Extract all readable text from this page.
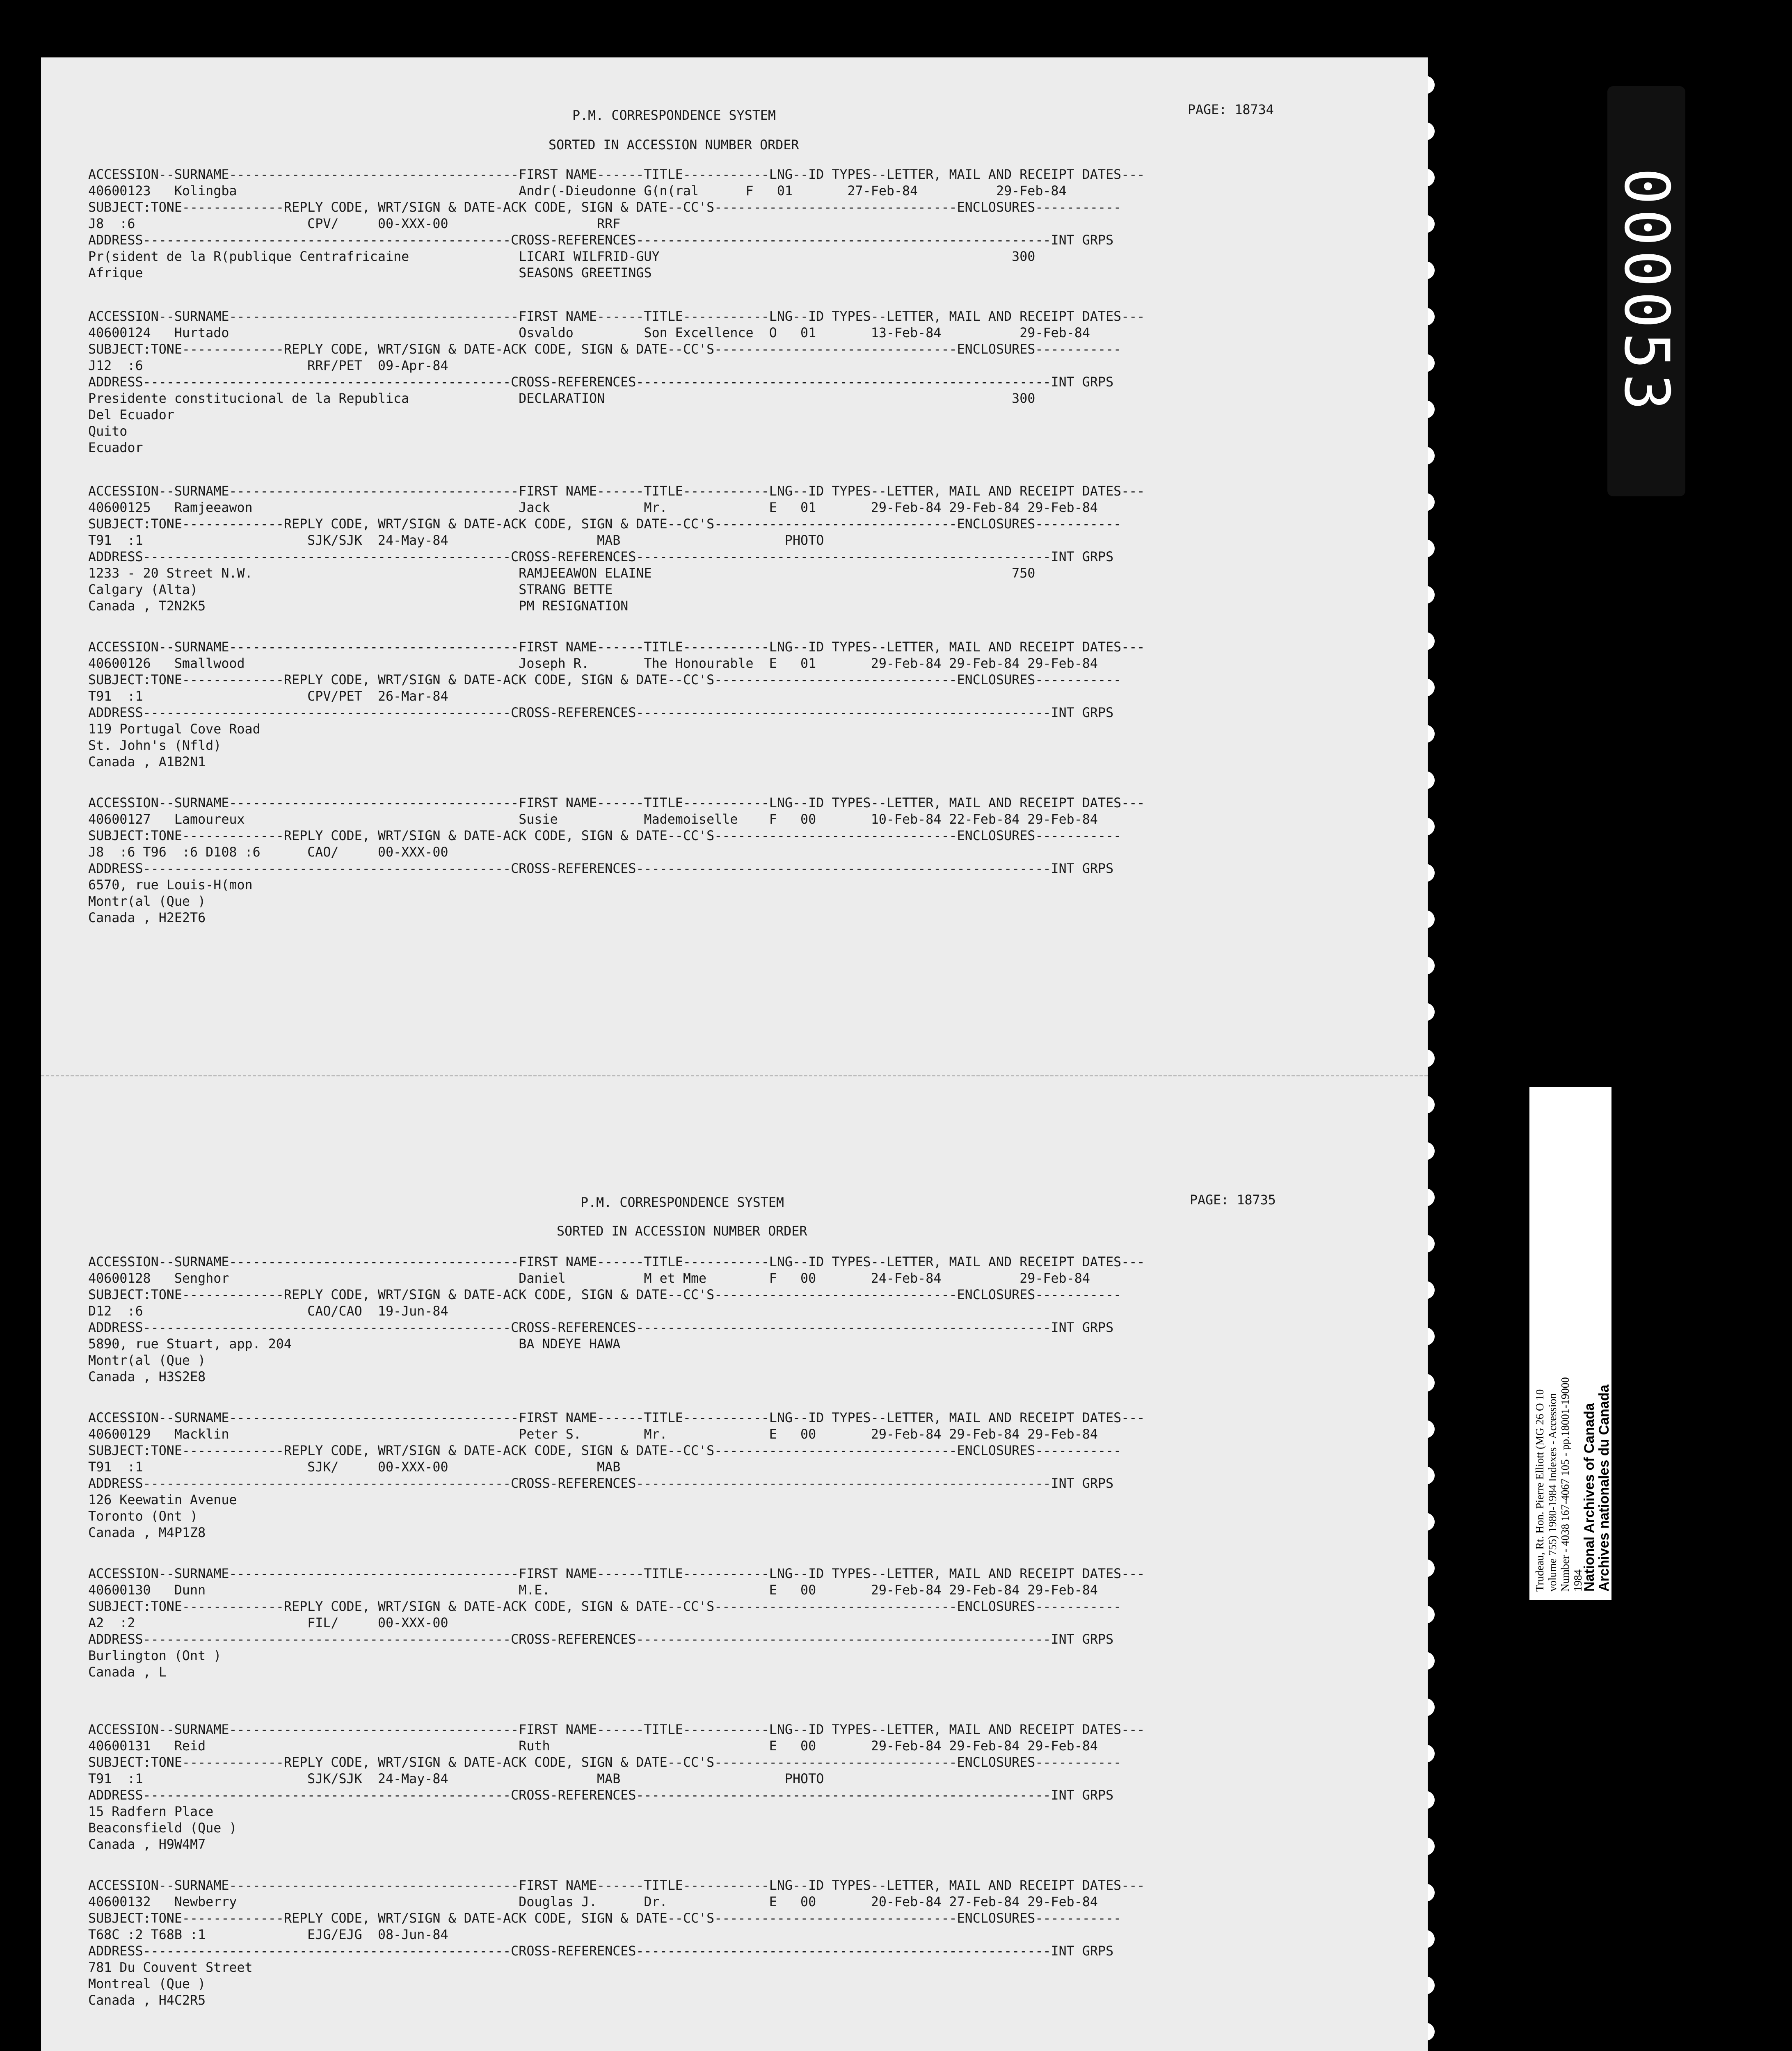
P.M. CORRESPONDENCE SYSTEM	PAGE: 18734
SORTED IN ACCESSION NUMBER ORDER
ACCESSION--SURNAME-------------------------------------FIRST NAME------TITLE-----------LNG--ID TYPES--LETTER, MAIL AND RECEIPT DATES---
40600123   Kolingba                                    Andr(-Dieudonne G(n(ral      F   01       27-Feb-84          29-Feb-84
SUBJECT:TONE-------------REPLY CODE, WRT/SIGN & DATE-ACK CODE, SIGN & DATE--CC'S-------------------------------ENCLOSURES-----------
J8  :6                      CPV/     00-XXX-00                   RRF
ADDRESS-----------------------------------------------CROSS-REFERENCES-----------------------------------------------------INT GRPS
Pr(sident de la R(publique Centrafricaine              LICARI WILFRID-GUY                                             300
Afrique                                                SEASONS GREETINGS
ACCESSION--SURNAME-------------------------------------FIRST NAME------TITLE-----------LNG--ID TYPES--LETTER, MAIL AND RECEIPT DATES---
40600124   Hurtado                                     Osvaldo         Son Excellence  O   01       13-Feb-84          29-Feb-84
SUBJECT:TONE-------------REPLY CODE, WRT/SIGN & DATE-ACK CODE, SIGN & DATE--CC'S-------------------------------ENCLOSURES-----------
J12  :6                     RRF/PET  09-Apr-84
ADDRESS-----------------------------------------------CROSS-REFERENCES-----------------------------------------------------INT GRPS
Presidente constitucional de la Republica              DECLARATION                                                    300
Del Ecuador
Quito
Ecuador
ACCESSION--SURNAME-------------------------------------FIRST NAME------TITLE-----------LNG--ID TYPES--LETTER, MAIL AND RECEIPT DATES---
40600125   Ramjeeawon                                  Jack            Mr.             E   01       29-Feb-84 29-Feb-84 29-Feb-84
SUBJECT:TONE-------------REPLY CODE, WRT/SIGN & DATE-ACK CODE, SIGN & DATE--CC'S-------------------------------ENCLOSURES-----------
T91  :1                     SJK/SJK  24-May-84                   MAB                     PHOTO
ADDRESS-----------------------------------------------CROSS-REFERENCES-----------------------------------------------------INT GRPS
1233 - 20 Street N.W.                                  RAMJEEAWON ELAINE                                              750
Calgary (Alta)                                         STRANG BETTE
Canada , T2N2K5                                        PM RESIGNATION
ACCESSION--SURNAME-------------------------------------FIRST NAME------TITLE-----------LNG--ID TYPES--LETTER, MAIL AND RECEIPT DATES---
40600126   Smallwood                                   Joseph R.       The Honourable  E   01       29-Feb-84 29-Feb-84 29-Feb-84
SUBJECT:TONE-------------REPLY CODE, WRT/SIGN & DATE-ACK CODE, SIGN & DATE--CC'S-------------------------------ENCLOSURES-----------
T91  :1                     CPV/PET  26-Mar-84
ADDRESS-----------------------------------------------CROSS-REFERENCES-----------------------------------------------------INT GRPS
119 Portugal Cove Road
St. John's (Nfld)
Canada , A1B2N1
ACCESSION--SURNAME-------------------------------------FIRST NAME------TITLE-----------LNG--ID TYPES--LETTER, MAIL AND RECEIPT DATES---
40600127   Lamoureux                                   Susie           Mademoiselle    F   00       10-Feb-84 22-Feb-84 29-Feb-84
SUBJECT:TONE-------------REPLY CODE, WRT/SIGN & DATE-ACK CODE, SIGN & DATE--CC'S-------------------------------ENCLOSURES-----------
J8  :6 T96  :6 D108 :6      CAO/     00-XXX-00
ADDRESS-----------------------------------------------CROSS-REFERENCES-----------------------------------------------------INT GRPS
6570, rue Louis-H(mon
Montr(al (Que )
Canada , H2E2T6
P.M. CORRESPONDENCE SYSTEM	PAGE: 18735
SORTED IN ACCESSION NUMBER ORDER
ACCESSION--SURNAME-------------------------------------FIRST NAME------TITLE-----------LNG--ID TYPES--LETTER, MAIL AND RECEIPT DATES---
40600128   Senghor                                     Daniel          M et Mme        F   00       24-Feb-84          29-Feb-84
SUBJECT:TONE-------------REPLY CODE, WRT/SIGN & DATE-ACK CODE, SIGN & DATE--CC'S-------------------------------ENCLOSURES-----------
D12  :6                     CAO/CAO  19-Jun-84
ADDRESS-----------------------------------------------CROSS-REFERENCES-----------------------------------------------------INT GRPS
5890, rue Stuart, app. 204                             BA NDEYE HAWA
Montr(al (Que )
Canada , H3S2E8
ACCESSION--SURNAME-------------------------------------FIRST NAME------TITLE-----------LNG--ID TYPES--LETTER, MAIL AND RECEIPT DATES---
40600129   Macklin                                     Peter S.        Mr.             E   00       29-Feb-84 29-Feb-84 29-Feb-84
SUBJECT:TONE-------------REPLY CODE, WRT/SIGN & DATE-ACK CODE, SIGN & DATE--CC'S-------------------------------ENCLOSURES-----------
T91  :1                     SJK/     00-XXX-00                   MAB
ADDRESS-----------------------------------------------CROSS-REFERENCES-----------------------------------------------------INT GRPS
126 Keewatin Avenue
Toronto (Ont )
Canada , M4P1Z8
ACCESSION--SURNAME-------------------------------------FIRST NAME------TITLE-----------LNG--ID TYPES--LETTER, MAIL AND RECEIPT DATES---
40600130   Dunn                                        M.E.                            E   00       29-Feb-84 29-Feb-84 29-Feb-84
SUBJECT:TONE-------------REPLY CODE, WRT/SIGN & DATE-ACK CODE, SIGN & DATE--CC'S-------------------------------ENCLOSURES-----------
A2  :2                      FIL/     00-XXX-00
ADDRESS-----------------------------------------------CROSS-REFERENCES-----------------------------------------------------INT GRPS
Burlington (Ont )
Canada , L
ACCESSION--SURNAME-------------------------------------FIRST NAME------TITLE-----------LNG--ID TYPES--LETTER, MAIL AND RECEIPT DATES---
40600131   Reid                                        Ruth                            E   00       29-Feb-84 29-Feb-84 29-Feb-84
SUBJECT:TONE-------------REPLY CODE, WRT/SIGN & DATE-ACK CODE, SIGN & DATE--CC'S-------------------------------ENCLOSURES-----------
T91  :1                     SJK/SJK  24-May-84                   MAB                     PHOTO
ADDRESS-----------------------------------------------CROSS-REFERENCES-----------------------------------------------------INT GRPS
15 Radfern Place
Beaconsfield (Que )
Canada , H9W4M7
ACCESSION--SURNAME-------------------------------------FIRST NAME------TITLE-----------LNG--ID TYPES--LETTER, MAIL AND RECEIPT DATES---
40600132   Newberry                                    Douglas J.      Dr.             E   00       20-Feb-84 27-Feb-84 29-Feb-84
SUBJECT:TONE-------------REPLY CODE, WRT/SIGN & DATE-ACK CODE, SIGN & DATE--CC'S-------------------------------ENCLOSURES-----------
T68C :2 T68B :1             EJG/EJG  08-Jun-84
ADDRESS-----------------------------------------------CROSS-REFERENCES-----------------------------------------------------INT GRPS
781 Du Couvent Street
Montreal (Que )
Canada , H4C2R5
000053
Trudeau, Rt. Hon. Pierre Elliott (MG 26 O 10 volume 755) 1980-1984 Indexes - Accession Number - 4038 167-4067 105 - pp.18001-19000 1984
National Archives of Canada
Archives nationales du Canada
